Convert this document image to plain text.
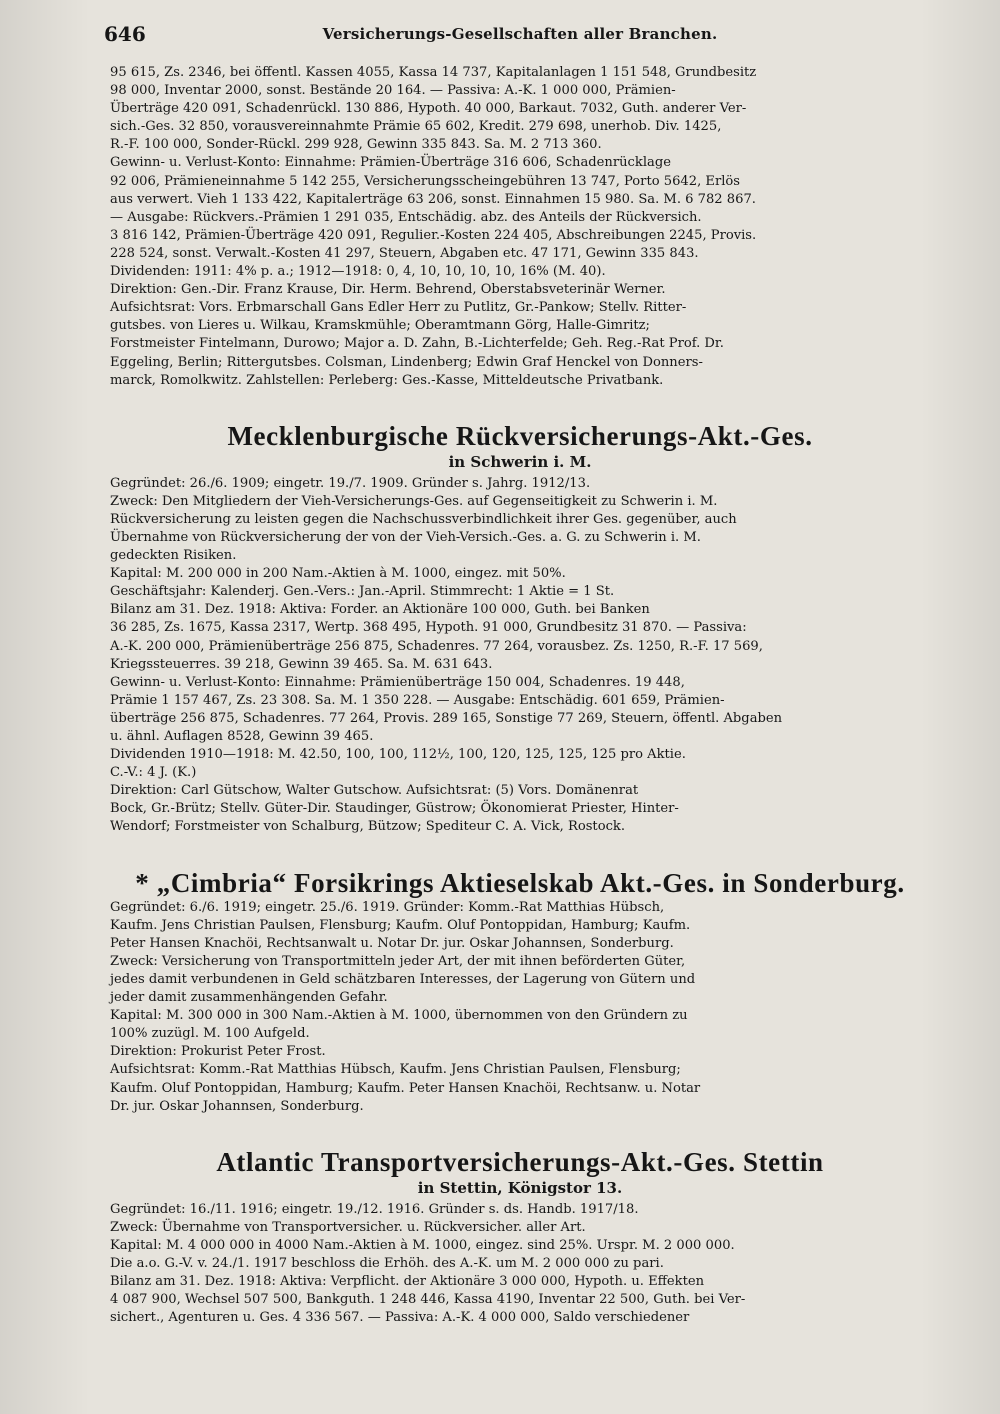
646	Versicherungs-Gesellschaften aller Branchen.

95 615, Zs. 2346, bei öffentl. Kassen 4055, Kassa 14 737, Kapitalanlagen 1 151 548, Grundbesitz
98 000, Inventar 2000, sonst. Bestände 20 164. — Passiva: A.-K. 1 000 000, Prämien-
Überträge 420 091, Schadenrückl. 130 886, Hypoth. 40 000, Barkaut. 7032, Guth. anderer Ver-
sich.-Ges. 32 850, vorausvereinnahmte Prämie 65 602, Kredit. 279 698, unerhob. Div. 1425,
R.-F. 100 000, Sonder-Rückl. 299 928, Gewinn 335 843. Sa. M. 2 713 360.

Gewinn- u. Verlust-Konto: Einnahme: Prämien-Überträge 316 606, Schadenrücklage
92 006, Prämieneinnahme 5 142 255, Versicherungsscheingebühren 13 747, Porto 5642, Erlös
aus verwert. Vieh 1 133 422, Kapitalerträge 63 206, sonst. Einnahmen 15 980. Sa. M. 6 782 867.
— Ausgabe: Rückvers.-Prämien 1 291 035, Entschädig. abz. des Anteils der Rückversich.
3 816 142, Prämien-Überträge 420 091, Regulier.-Kosten 224 405, Abschreibungen 2245, Provis.
228 524, sonst. Verwalt.-Kosten 41 297, Steuern, Abgaben etc. 47 171, Gewinn 335 843.

Dividenden: 1911: 4% p. a.; 1912—1918: 0, 4, 10, 10, 10, 10, 16% (M. 40).

Direktion: Gen.-Dir. Franz Krause, Dir. Herm. Behrend, Oberstabsveterinär Werner.

Aufsichtsrat: Vors. Erbmarschall Gans Edler Herr zu Putlitz, Gr.-Pankow; Stellv. Ritter-
gutsbes. von Lieres u. Wilkau, Kramskmühle; Oberamtmann Görg, Halle-Gimritz;
Forstmeister Fintelmann, Durowo; Major a. D. Zahn, B.-Lichterfelde; Geh. Reg.-Rat Prof. Dr.
Eggeling, Berlin; Rittergutsbes. Colsman, Lindenberg; Edwin Graf Henckel von Donners-
marck, Romolkwitz. Zahlstellen: Perleberg: Ges.-Kasse, Mitteldeutsche Privatbank.

Mecklenburgische Rückversicherungs-Akt.-Ges.
in Schwerin i. M.

Gegründet: 26./6. 1909; eingetr. 19./7. 1909. Gründer s. Jahrg. 1912/13.

Zweck: Den Mitgliedern der Vieh-Versicherungs-Ges. auf Gegenseitigkeit zu Schwerin i. M.
Rückversicherung zu leisten gegen die Nachschussverbindlichkeit ihrer Ges. gegenüber, auch
Übernahme von Rückversicherung der von der Vieh-Versich.-Ges. a. G. zu Schwerin i. M.
gedeckten Risiken.

Kapital: M. 200 000 in 200 Nam.-Aktien à M. 1000, eingez. mit 50%.

Geschäftsjahr: Kalenderj. Gen.-Vers.: Jan.-April. Stimmrecht: 1 Aktie = 1 St.

Bilanz am 31. Dez. 1918: Aktiva: Forder. an Aktionäre 100 000, Guth. bei Banken
36 285, Zs. 1675, Kassa 2317, Wertp. 368 495, Hypoth. 91 000, Grundbesitz 31 870. — Passiva:
A.-K. 200 000, Prämienüberträge 256 875, Schadenres. 77 264, vorausbez. Zs. 1250, R.-F. 17 569,
Kriegssteuerres. 39 218, Gewinn 39 465. Sa. M. 631 643.

Gewinn- u. Verlust-Konto: Einnahme: Prämienüberträge 150 004, Schadenres. 19 448,
Prämie 1 157 467, Zs. 23 308. Sa. M. 1 350 228. — Ausgabe: Entschädig. 601 659, Prämien-
überträge 256 875, Schadenres. 77 264, Provis. 289 165, Sonstige 77 269, Steuern, öffentl. Abgaben
u. ähnl. Auflagen 8528, Gewinn 39 465.

Dividenden 1910—1918: M. 42.50, 100, 100, 112½, 100, 120, 125, 125, 125 pro Aktie.
C.-V.: 4 J. (K.)

Direktion: Carl Gütschow, Walter Gutschow. Aufsichtsrat: (5) Vors. Domänenrat
Bock, Gr.-Brütz; Stellv. Güter-Dir. Staudinger, Güstrow; Ökonomierat Priester, Hinter-
Wendorf; Forstmeister von Schalburg, Bützow; Spediteur C. A. Vick, Rostock.

* „Cimbria“ Forsikrings Aktieselskab Akt.-Ges. in Sonderburg.

Gegründet: 6./6. 1919; eingetr. 25./6. 1919. Gründer: Komm.-Rat Matthias Hübsch,
Kaufm. Jens Christian Paulsen, Flensburg; Kaufm. Oluf Pontoppidan, Hamburg; Kaufm.
Peter Hansen Knachöi, Rechtsanwalt u. Notar Dr. jur. Oskar Johannsen, Sonderburg.

Zweck: Versicherung von Transportmitteln jeder Art, der mit ihnen beförderten Güter,
jedes damit verbundenen in Geld schätzbaren Interesses, der Lagerung von Gütern und
jeder damit zusammenhängenden Gefahr.

Kapital: M. 300 000 in 300 Nam.-Aktien à M. 1000, übernommen von den Gründern zu
100% zuzügl. M. 100 Aufgeld.

Direktion: Prokurist Peter Frost.

Aufsichtsrat: Komm.-Rat Matthias Hübsch, Kaufm. Jens Christian Paulsen, Flensburg;
Kaufm. Oluf Pontoppidan, Hamburg; Kaufm. Peter Hansen Knachöi, Rechtsanw. u. Notar
Dr. jur. Oskar Johannsen, Sonderburg.

Atlantic Transportversicherungs-Akt.-Ges. Stettin
in Stettin, Königstor 13.

Gegründet: 16./11. 1916; eingetr. 19./12. 1916. Gründer s. ds. Handb. 1917/18.

Zweck: Übernahme von Transportversicher. u. Rückversicher. aller Art.

Kapital: M. 4 000 000 in 4000 Nam.-Aktien à M. 1000, eingez. sind 25%. Urspr. M. 2 000 000.
Die a.o. G.-V. v. 24./1. 1917 beschloss die Erhöh. des A.-K. um M. 2 000 000 zu pari.

Bilanz am 31. Dez. 1918: Aktiva: Verpflicht. der Aktionäre 3 000 000, Hypoth. u. Effekten
4 087 900, Wechsel 507 500, Bankguth. 1 248 446, Kassa 4190, Inventar 22 500, Guth. bei Ver-
sichert., Agenturen u. Ges. 4 336 567. — Passiva: A.-K. 4 000 000, Saldo verschiedener
